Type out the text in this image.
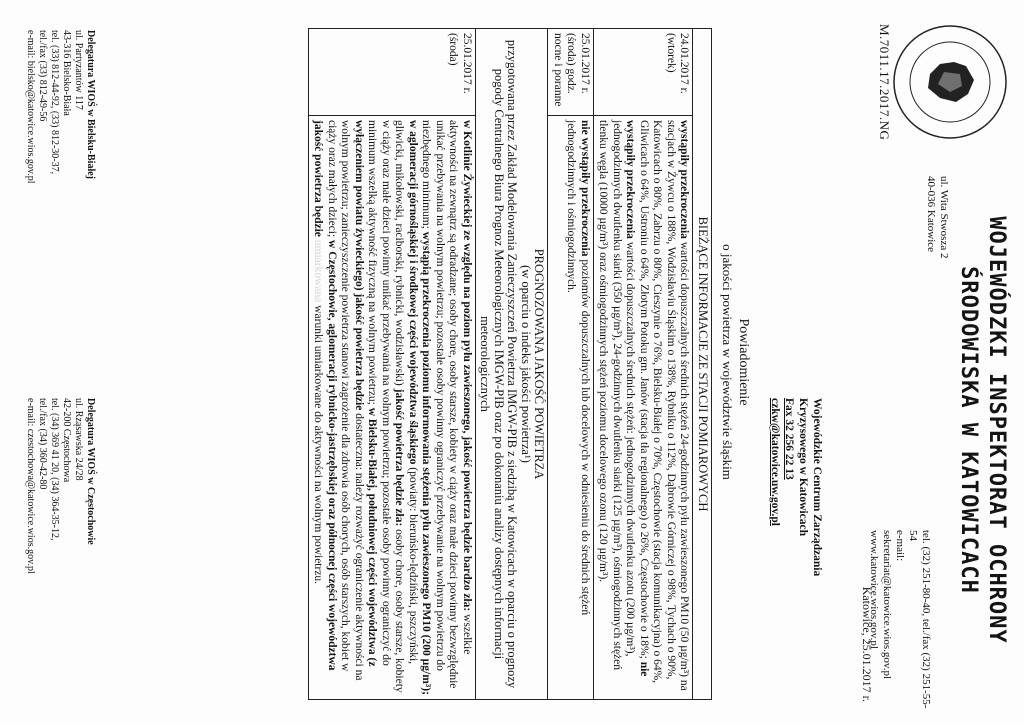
M.7011.17.2017.NG
WOJEWÓDZKI INSPEKTORAT OCHRONY
ŚRODOWISKA W KATOWICACH
ul. Wita Stwosza 2
40-036 Katowice
tel. (32) 251-80-40, tel./fax (32) 251-55-54
e-mail: sekretariat@katowice.wios.gov.pl
www.katowice.wios.gov.pl
Katowice, 25.01.2017 r.
Wojewódzkie Centrum Zarządzania
Kryzysowego w Katowicach
Fax 32 256 22 13
czkw@katowice.uw.gov.pl
Powiadomienie
o jakości powietrza w województwie śląskim
BIEŻĄCE INFORMACJE ZE STACJI POMIAROWYCH	

24.01.2017 r.
(wtorek)	wystąpiły przekroczenia wartości dopuszczalnych średnich stężeń 24-godzinnych pyłu zawieszonego PM10 (50 µg/m³) na stacjach w Żywcu o 188%, Wodzisławiu Śląskim o 138%, Rybniku o 112%, Dąbrowie Górniczej o 98%, Tychach o 90%, Katowicach o 80%, Zabrzu o 80%, Cieszynie o 76%, Bielsku-Białej o 70%, Częstochowie (stacja komunikacyjna) o 64%, Gliwicach o 64%, Ustroniu o 64%, Złotym Potoku gm. Janów (stacja tła regionalnego) o 26%, Częstochowie o 18%; nie wystąpiły przekroczenia wartości dopuszczalnych średnich stężeń: jednogodzinnych dwutlenku azotu (200 µg/m³), jednogodzinnych dwutlenku siarki (350 µg/m³), 24-godzinnych dwutlenku siarki (125 µg/m³), ośmiogodzinnych stężeń tlenku węgla (10000 µg/m³) oraz ośmiogodzinnych stężeń poziomu docelowego ozonu (120 µg/m³).

25.01.2017 r.
(środa) godz.
nocne i poranne	nie wystąpiły przekroczenia poziomów dopuszczalnych lub docelowych w odniesieniu do średnich stężeń jednogodzinnych i ośmiogodzinnych.

PROGNOZOWANA JAKOŚĆ POWIETRZA
(w oparciu o indeks jakości powietrza¹)
przygotowana przez Zakład Modelowania Zanieczyszczeń Powietrza IMGW-PIB z siedzibą w Katowicach w oparciu o prognozy pogody Centralnego Biura Prognoz Meteorologicznych IMGW-PIB oraz po dokonaniu analizy dostępnych informacji meteorologicznych	

25.01.2017 r.
(środa)	w Kotlinie Żywieckiej ze względu na poziom pyłu zawieszonego, jakość powietrza będzie bardzo zła: wszelkie aktywności na zewnątrz są odradzane; osoby chore, osoby starsze, kobiety w ciąży oraz małe dzieci powinny bezwzględnie unikać przebywania na wolnym powietrzu; pozostałe osoby powinny ograniczyć przebywanie na wolnym powietrzu do niezbędnego minimum; wystąpią przekroczenia poziomu informowania stężenia pyłu zawieszonego PM10 (200 µg/m³); w aglomeracji górnośląskiej i środkowej części województwa śląskiego (powiaty: bieruńsko-lędziński, pszczyński, gliwicki, mikołowski, raciborski, rybnicki, wodzisławski) jakość powietrza będzie zła: osoby chore, osoby starsze, kobiety w ciąży oraz małe dzieci powinny unikać przebywania na wolnym powietrzu; pozostałe osoby powinny ograniczyć do minimum wszelką aktywność fizyczną na wolnym powietrzu; w Bielsku-Białej, południowej części województwa (z wyłączeniem powiatu żywieckiego) jakość powietrza będzie dostateczna: należy rozważyć ograniczenie aktywności na wolnym powietrzu; zanieczyszczenie powietrza stanowi zagrożenie dla zdrowia osób chorych, osób starszych, kobiet w ciąży oraz małych dzieci; w Częstochowie, aglomeracji rybnicko-jastrzębskiej oraz północnej części województwa jakość powietrza będzie umiarkowana warunki umiarkowane do aktywności na wolnym powietrzu.
Delegatura WIOŚ w Bielsku-Białej
ul. Partyzantów 117
43-316 Bielsko-Biała
tel. (33) 812-44-92, (33) 812-30-37,
tel./fax (33) 812-49-56
e-mail: bielsko@katowice.wios.gov.pl
Delegatura WIOŚ w Częstochowie
ul. Rząsawska 24/28
42-200 Częstochowa
tel. (34) 369 41 20, (34) 364-35-12,
tel./fax (34) 360-42-80
e-mail: czestochowa@katowice.wios.gov.pl
